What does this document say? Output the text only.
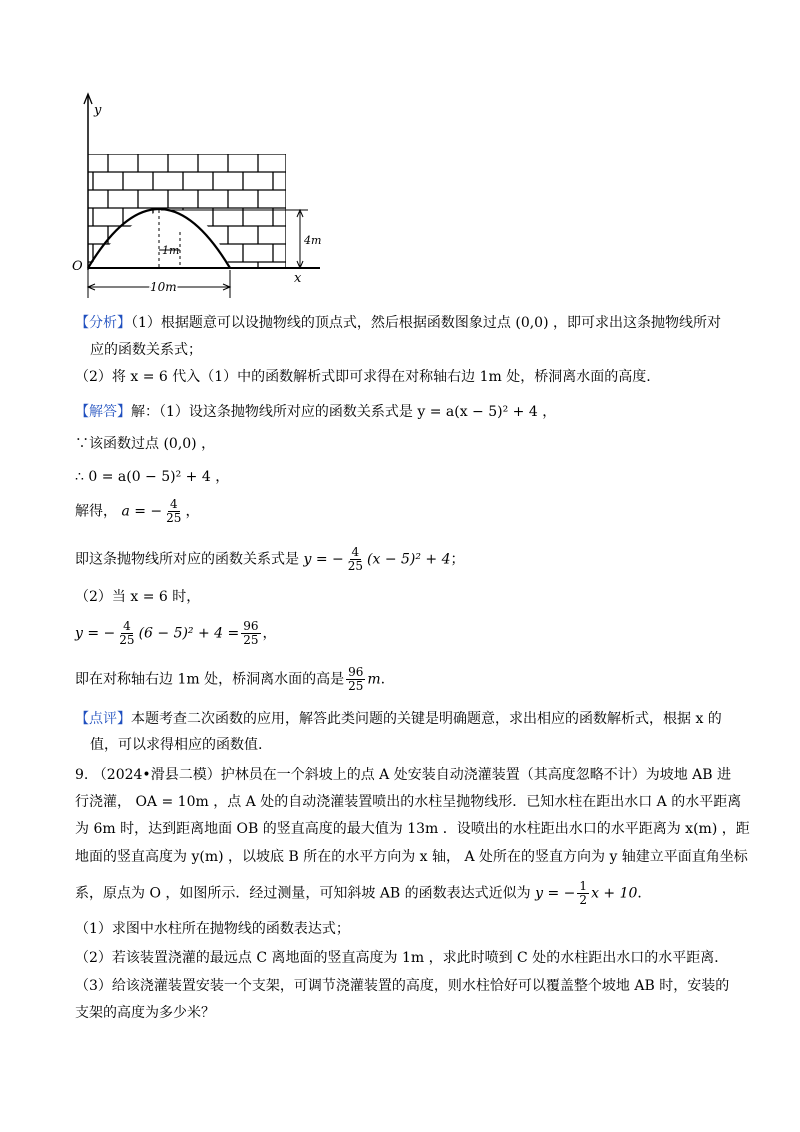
y
x
O
1m
4m
10m
【分析】（1）根据题意可以设抛物线的顶点式，然后根据函数图象过点 (0,0) ，即可求出这条抛物线所对
应的函数关系式；
（2）将 x = 6 代入（1）中的函数解析式即可求得在对称轴右边 1m 处，桥洞离水面的高度.
【解答】解：（1）设这条抛物线所对应的函数关系式是 y = a(x − 5)² + 4 ，
∵该函数过点 (0,0) ，
∴ 0 = a(0 − 5)² + 4 ，
解得， a = − $\frac{4}{25}$ ，
即这条抛物线所对应的函数关系式是 y = − $\frac{4}{25} (x - 5)^2 + 4$；
（2）当 x = 6 时，
y = − $\frac{4}{25} (6 - 5)^2 + 4 = \frac{96}{25}$ ，
即在对称轴右边 1m 处，桥洞离水面的高是 $\frac{96}{25} m$.
【点评】本题考查二次函数的应用，解答此类问题的关键是明确题意，求出相应的函数解析式，根据 x 的
值，可以求得相应的函数值.
9. （2024•滑县二模）护林员在一个斜坡上的点 A 处安装自动浇灌装置（其高度忽略不计）为坡地 AB 进
行浇灌， OA = 10m ，点 A 处的自动浇灌装置喷出的水柱呈抛物线形．已知水柱在距出水口 A 的水平距离
为 6m 时，达到距离地面 OB 的竖直高度的最大值为 13m ．设喷出的水柱距出水口的水平距离为 x(m) ，距
地面的竖直高度为 y(m) ，以坡底 B 所在的水平方向为 x 轴， A 处所在的竖直方向为 y 轴建立平面直角坐标
系，原点为 O ，如图所示．经过测量，可知斜坡 AB 的函数表达式近似为 y = − $\frac{1}{2}$ x + 10．
（1）求图中水柱所在抛物线的函数表达式；
（2）若该装置浇灌的最远点 C 离地面的竖直高度为 1m ，求此时喷到 C 处的水柱距出水口的水平距离．
（3）给该浇灌装置安装一个支架，可调节浇灌装置的高度，则水柱恰好可以覆盖整个坡地 AB 时，安装的
支架的高度为多少米？
